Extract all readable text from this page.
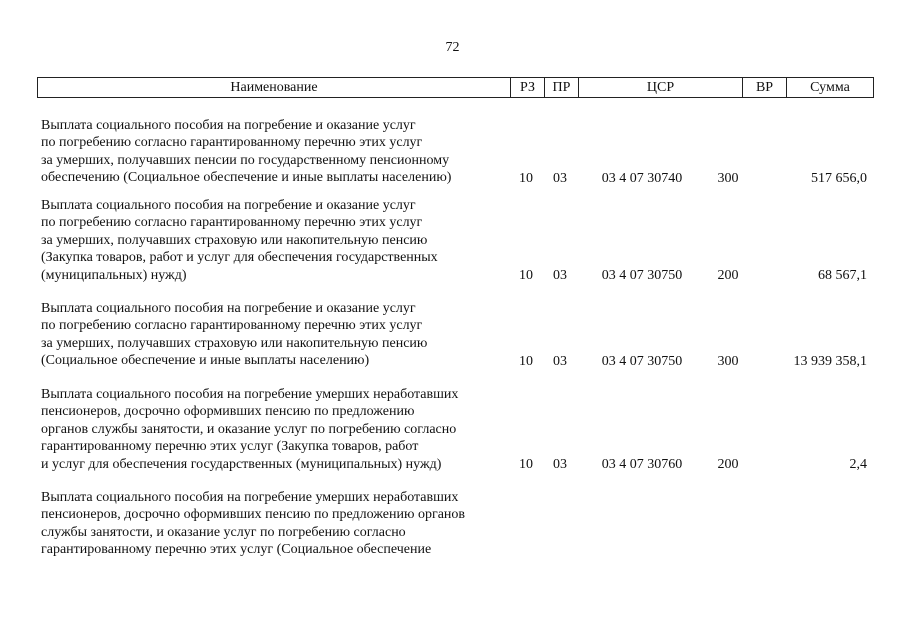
72
Наименование	РЗ	ПР	ЦСР	ВР	Сумма
Выплата социального пособия на погребение и оказание услуг
по погребению согласно гарантированному перечню этих услуг
за умерших, получавших пенсии по государственному пенсионному
обеспечению (Социальное обеспечение и иные выплаты населению)	10	03	03 4 07 30740	300	517 656,0
Выплата социального пособия на погребение и оказание услуг
по погребению согласно гарантированному перечню этих услуг
за умерших, получавших страховую или накопительную пенсию
(Закупка товаров, работ и услуг для обеспечения государственных
(муниципальных) нужд)	10	03	03 4 07 30750	200	68 567,1
Выплата социального пособия на погребение и оказание услуг
по погребению согласно гарантированному перечню этих услуг
за умерших, получавших страховую или накопительную пенсию
(Социальное обеспечение и иные выплаты населению)	10	03	03 4 07 30750	300	13 939 358,1
Выплата социального пособия на погребение умерших неработавших
пенсионеров, досрочно оформивших пенсию по предложению
органов службы занятости, и оказание услуг по погребению согласно
гарантированному перечню этих услуг (Закупка товаров, работ
и услуг для обеспечения государственных (муниципальных) нужд)	10	03	03 4 07 30760	200	2,4
Выплата социального пособия на погребение умерших неработавших
пенсионеров, досрочно оформивших пенсию по предложению органов
службы занятости, и оказание услуг по погребению согласно
гарантированному перечню этих услуг (Социальное обеспечение
